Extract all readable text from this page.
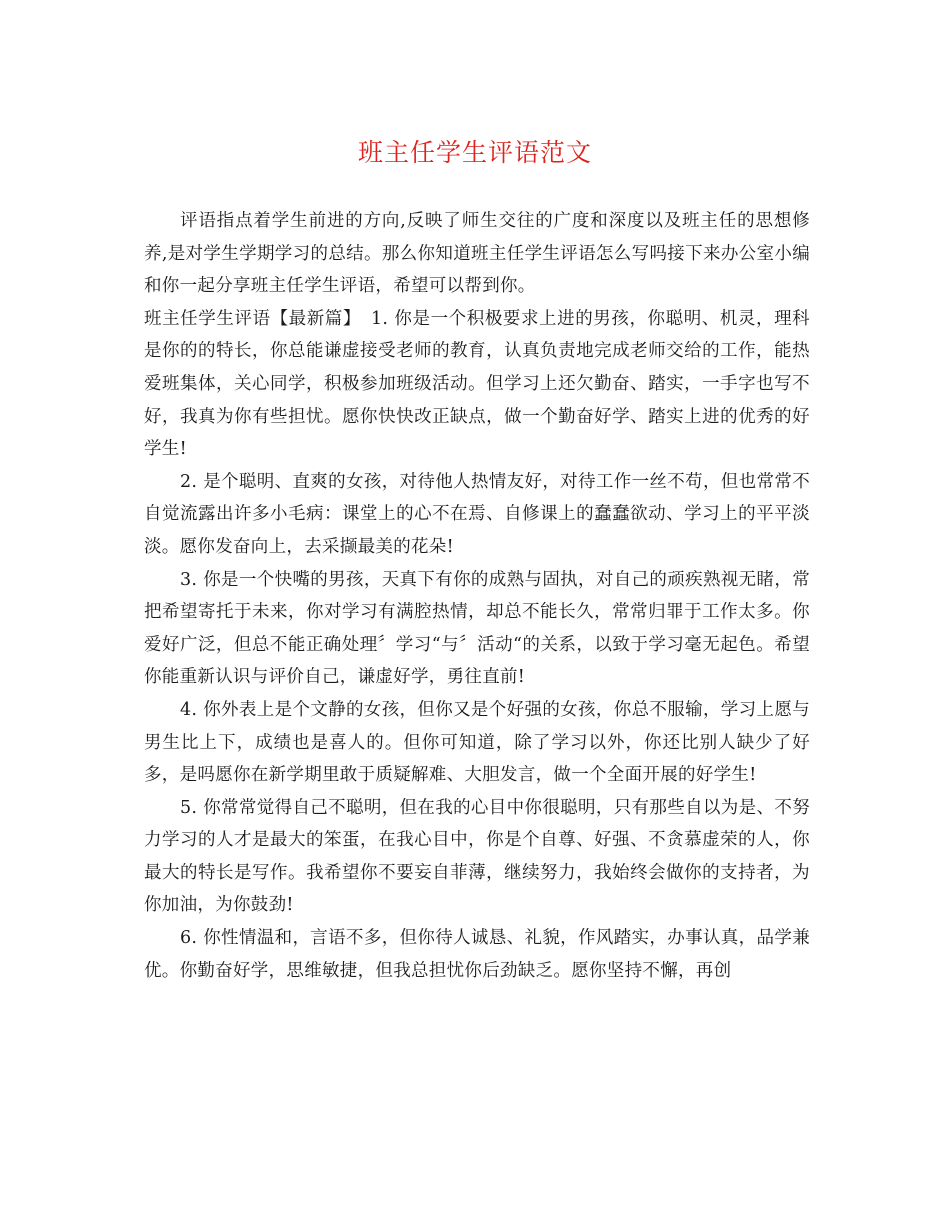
班主任学生评语范文

评语指点着学生前进的方向,反映了师生交往的广度和深度以及班主任的思想修养,是对学生学期学习的总结。那么你知道班主任学生评语怎么写吗接下来办公室小编和你一起分享班主任学生评语，希望可以帮到你。

班主任学生评语【最新篇】 1. 你是一个积极要求上进的男孩，你聪明、机灵，理科是你的的特长，你总能谦虚接受老师的教育，认真负责地完成老师交给的工作，能热爱班集体，关心同学，积极参加班级活动。但学习上还欠勤奋、踏实，一手字也写不好，我真为你有些担忧。愿你快快改正缺点，做一个勤奋好学、踏实上进的优秀的好学生!

2. 是个聪明、直爽的女孩，对待他人热情友好，对待工作一丝不苟，但也常常不自觉流露出许多小毛病：课堂上的心不在焉、自修课上的蠢蠢欲动、学习上的平平淡淡。愿你发奋向上，去采撷最美的花朵!

3. 你是一个快嘴的男孩，天真下有你的成熟与固执，对自己的顽疾熟视无睹，常把希望寄托于未来，你对学习有满腔热情，却总不能长久，常常归罪于工作太多。你爱好广泛，但总不能正确处理〞学习“与〞活动“的关系，以致于学习毫无起色。希望你能重新认识与评价自己，谦虚好学，勇往直前!

4. 你外表上是个文静的女孩，但你又是个好强的女孩，你总不服输，学习上愿与男生比上下，成绩也是喜人的。但你可知道，除了学习以外，你还比别人缺少了好多，是吗愿你在新学期里敢于质疑解难、大胆发言，做一个全面开展的好学生!

5. 你常常觉得自己不聪明，但在我的心目中你很聪明，只有那些自以为是、不努力学习的人才是最大的笨蛋，在我心目中，你是个自尊、好强、不贪慕虚荣的人，你最大的特长是写作。我希望你不要妄自菲薄，继续努力，我始终会做你的支持者，为你加油，为你鼓劲!

6. 你性情温和，言语不多，但你待人诚恳、礼貌，作风踏实，办事认真，品学兼优。你勤奋好学，思维敏捷，但我总担忧你后劲缺乏。愿你坚持不懈，再创
